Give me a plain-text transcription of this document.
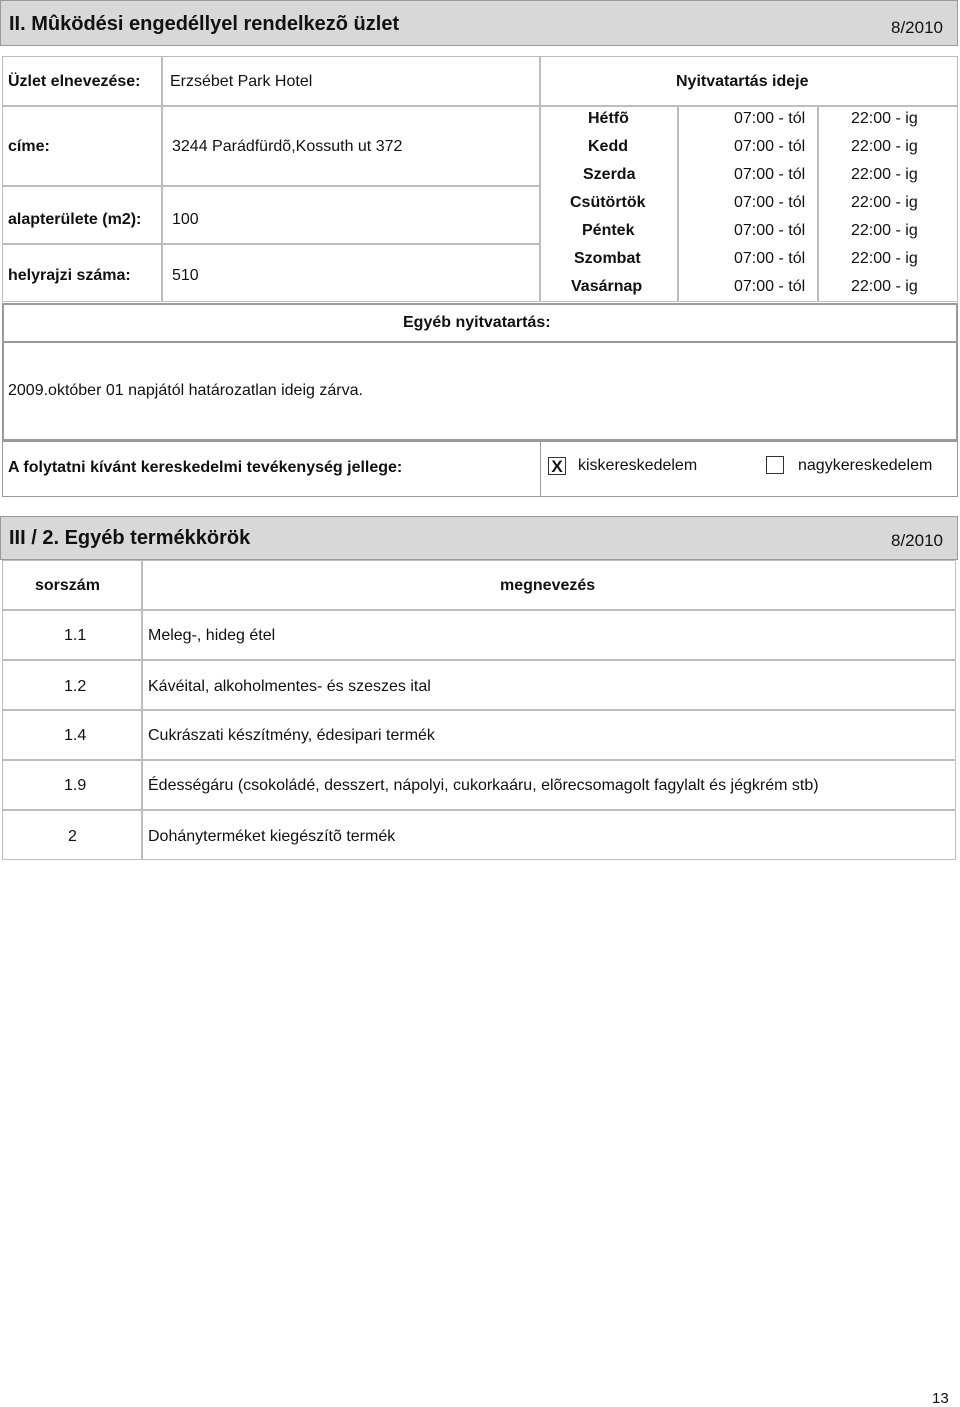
II. Mûködési engedéllyel rendelkezõ üzlet	8/2010
Üzlet elnevezése: Erzsébet Park Hotel
címe:	3244 Parádfürdõ,Kossuth ut 372
alapterülete (m2): 100
helyrajzi száma:	510
Nyitvatartás ideje
Hétfõ	07:00 - tól	22:00 - ig
Kedd	07:00 - tól	22:00 - ig
Szerda	07:00 - tól	22:00 - ig
Csütörtök	07:00 - tól	22:00 - ig
Péntek	07:00 - tól	22:00 - ig
Szombat	07:00 - tól	22:00 - ig
Vasárnap	07:00 - tól	22:00 - ig
Egyéb nyitvatartás:
2009.október 01 napjától határozatlan ideig zárva.
A folytatni kívánt kereskedelmi tevékenység jellege:	X kiskereskedelem	nagykereskedelem
III / 2. Egyéb termékkörök	8/2010
sorszám	megnevezés
1.1	Meleg-, hideg étel
1.2	Kávéital, alkoholmentes- és szeszes ital
1.4	Cukrászati készítmény, édesipari termék
1.9	Édességáru (csokoládé, desszert, nápolyi, cukorkaáru, elõrecsomagolt fagylalt és jégkrém stb)
2	Dohányterméket kiegészítõ termék
13
